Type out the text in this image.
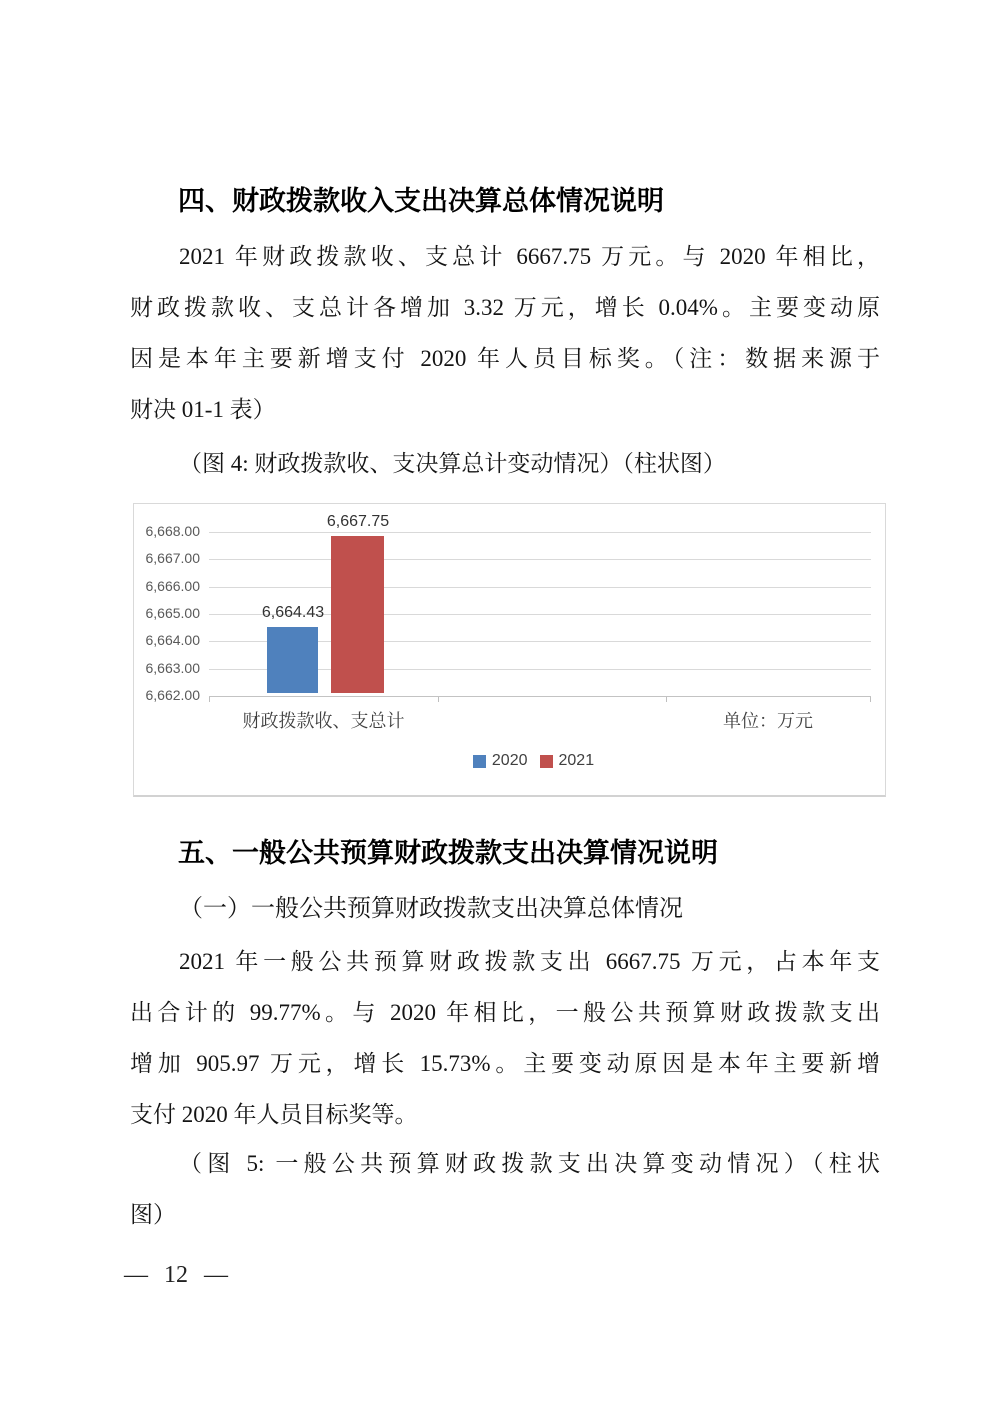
四、财政拨款收入支出决算总体情况说明
2021 年财政拨款收、支总计 6667.75 万元。与 2020 年相比，
财政拨款收、支总计各增加 3.32 万元，增长 0.04%。主要变动原
因是本年主要新增支付 2020 年人员目标奖。（注：数据来源于
财决 01-1 表）
（图 4: 财政拨款收、支决算总计变动情况）（柱状图）
6,668.00
6,667.00
6,666.00
6,665.00
6,664.00
6,663.00
6,662.00
6,664.43
6,667.75
财政拨款收、支总计	单位：万元
2020 2021
五、一般公共预算财政拨款支出决算情况说明
（一）一般公共预算财政拨款支出决算总体情况
2021 年一般公共预算财政拨款支出 6667.75 万元，占本年支
出合计的 99.77%。与 2020 年相比，一般公共预算财政拨款支出
增加 905.97 万元，增长 15.73%。主要变动原因是本年主要新增
支付 2020 年人员目标奖等。
（图 5: 一般公共预算财政拨款支出决算变动情况）（柱状
图）
— 12 —
